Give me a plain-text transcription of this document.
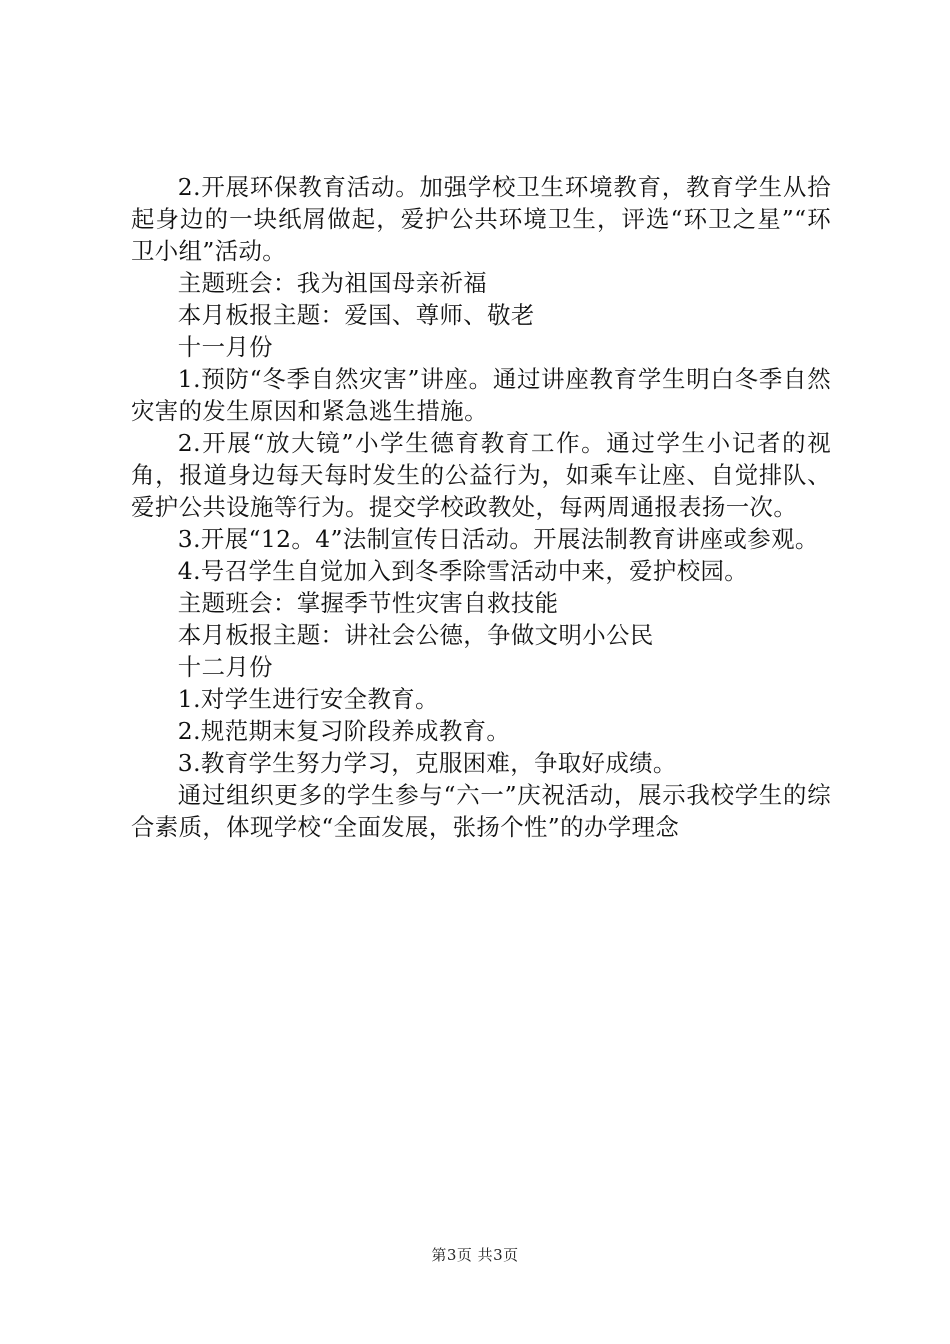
2.开展环保教育活动。加强学校卫生环境教育，教育学生从拾起身边的一块纸屑做起，爱护公共环境卫生，评选“环卫之星”“环卫小组”活动。

主题班会：我为祖国母亲祈福

本月板报主题：爱国、尊师、敬老

十一月份

1.预防“冬季自然灾害”讲座。通过讲座教育学生明白冬季自然灾害的发生原因和紧急逃生措施。

2.开展“放大镜”小学生德育教育工作。通过学生小记者的视角，报道身边每天每时发生的公益行为，如乘车让座、自觉排队、爱护公共设施等行为。提交学校政教处，每两周通报表扬一次。

3.开展“12。4”法制宣传日活动。开展法制教育讲座或参观。

4.号召学生自觉加入到冬季除雪活动中来，爱护校园。

主题班会：掌握季节性灾害自救技能

本月板报主题：讲社会公德，争做文明小公民

十二月份

1.对学生进行安全教育。

2.规范期末复习阶段养成教育。

3.教育学生努力学习，克服困难，争取好成绩。

通过组织更多的学生参与“六一”庆祝活动，展示我校学生的综合素质，体现学校“全面发展，张扬个性”的办学理念

第3页 共3页
